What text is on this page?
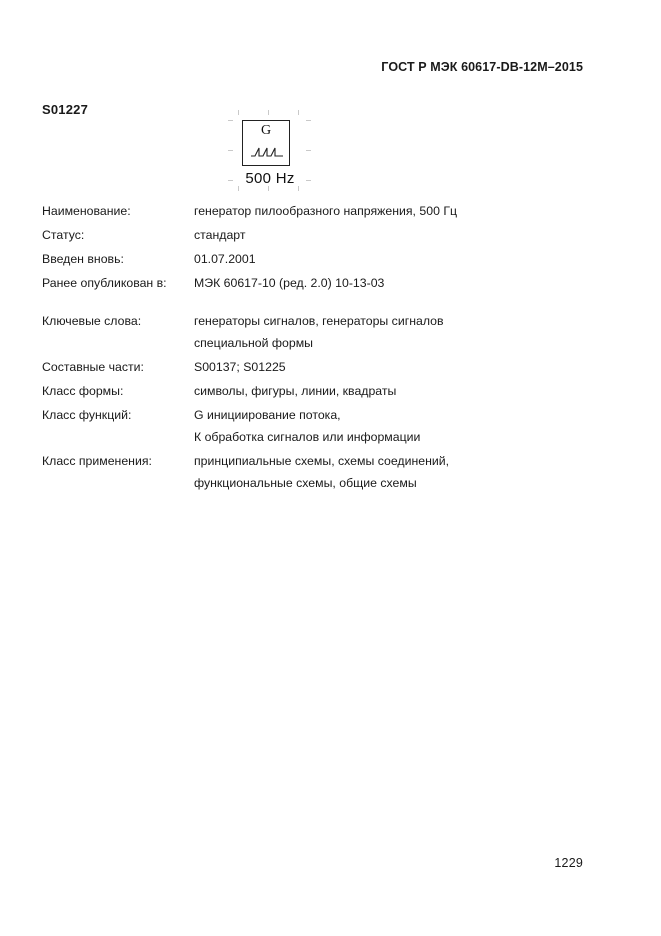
ГОСТ Р МЭК 60617-DB-12M–2015
S01227
G
500 Hz
Наименование:	генератор пилообразного напряжения, 500 Гц
Статус:	стандарт
Введен вновь:	01.07.2001
Ранее опубликован в:	МЭК 60617-10 (ред. 2.0) 10-13-03
Ключевые слова:	генераторы сигналов, генераторы сигналов
специальной формы
Составные части:	S00137; S01225
Класс формы:	символы, фигуры, линии, квадраты
Класс функций:	G инициирование потока,
К обработка сигналов или информации
Класс применения:	принципиальные схемы, схемы соединений,
функциональные схемы, общие схемы
1229
